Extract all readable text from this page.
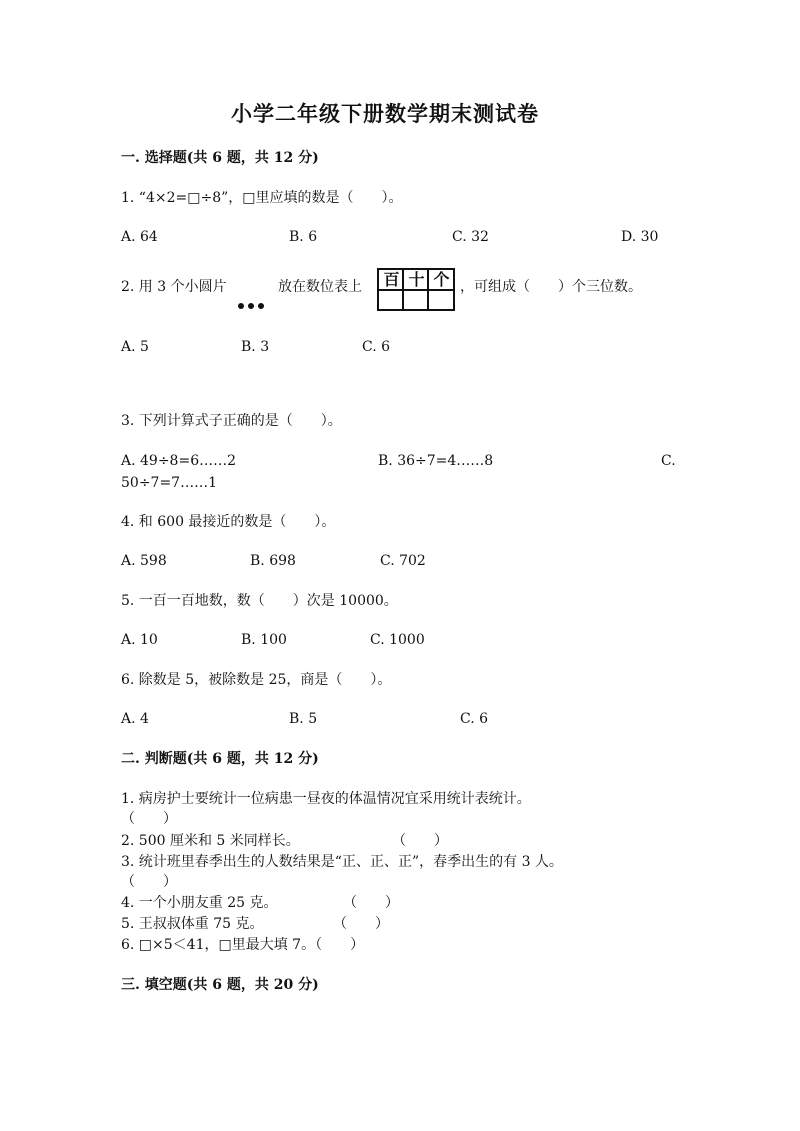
小学二年级下册数学期末测试卷
一. 选择题(共 6 题，共 12 分)
1. “4×2=□÷8”，□里应填的数是（　　）。
A. 64	B. 6	C. 32	D. 30
2. 用 3 个小圆片	放在数位表上 百 十 个 ，可组成（　　）个三位数。
A. 5	B. 3	C. 6
3. 下列计算式子正确的是（　　）。
A. 49÷8=6……2	B. 36÷7=4……8	C.
50÷7=7……1
4. 和 600 最接近的数是（　　）。
A. 598	B. 698	C. 702
5. 一百一百地数，数（　　）次是 10000。
A. 10	B. 100	C. 1000
6. 除数是 5，被除数是 25，商是（　　）。
A. 4	B. 5	C. 6
二. 判断题(共 6 题，共 12 分)
1. 病房护士要统计一位病患一昼夜的体温情况宜采用统计表统计。
（　　）
2. 500 厘米和 5 米同样长。	（　　）
3. 统计班里春季出生的人数结果是“正、正、正”，春季出生的有 3 人。
（　　）
4. 一个小朋友重 25 克。	（　　）
5. 王叔叔体重 75 克。	（　　）
6. □×5＜41，□里最大填 7。（　　）
三. 填空题(共 6 题，共 20 分)
